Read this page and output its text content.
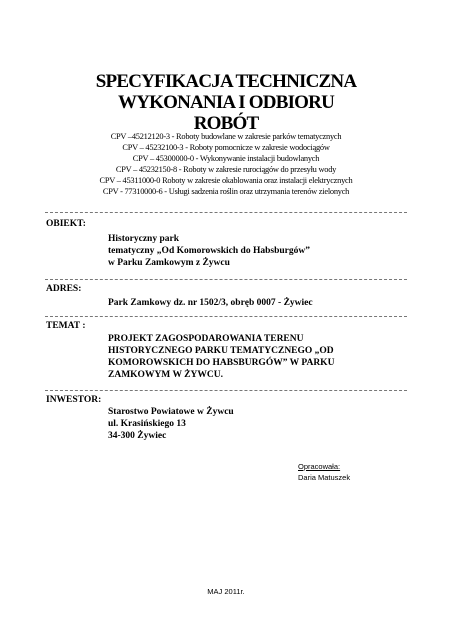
SPECYFIKACJA TECHNICZNA
WYKONANIA I ODBIORU
ROBÓT
CPV –45212120-3 - Roboty budowlane w zakresie parków tematycznych
CPV – 45232100-3 - Roboty pomocnicze w zakresie wodociągów
CPV – 45300000-0 - Wykonywanie instalacji budowlanych
CPV – 45232150-8 - Roboty w zakresie rurociągów do przesyłu wody
CPV – 45311000-0 Roboty w zakresie okablowania oraz instalacji elektrycznych
CPV - 77310000-6 - Usługi sadzenia roślin oraz utrzymania terenów zielonych
OBIEKT:
Historyczny park
tematyczny „Od Komorowskich do Habsburgów”
w Parku Zamkowym z Żywcu
ADRES:
Park Zamkowy dz. nr 1502/3, obręb 0007 - Żywiec
TEMAT :
PROJEKT ZAGOSPODAROWANIA TERENU
HISTORYCZNEGO PARKU TEMATYCZNEGO „OD
KOMOROWSKICH DO HABSBURGÓW” W PARKU
ZAMKOWYM W ŻYWCU.
INWESTOR:
Starostwo Powiatowe w Żywcu
ul. Krasińskiego 13
34-300 Żywiec
Opracowała:
Daria Matuszek
MAJ 2011r.
